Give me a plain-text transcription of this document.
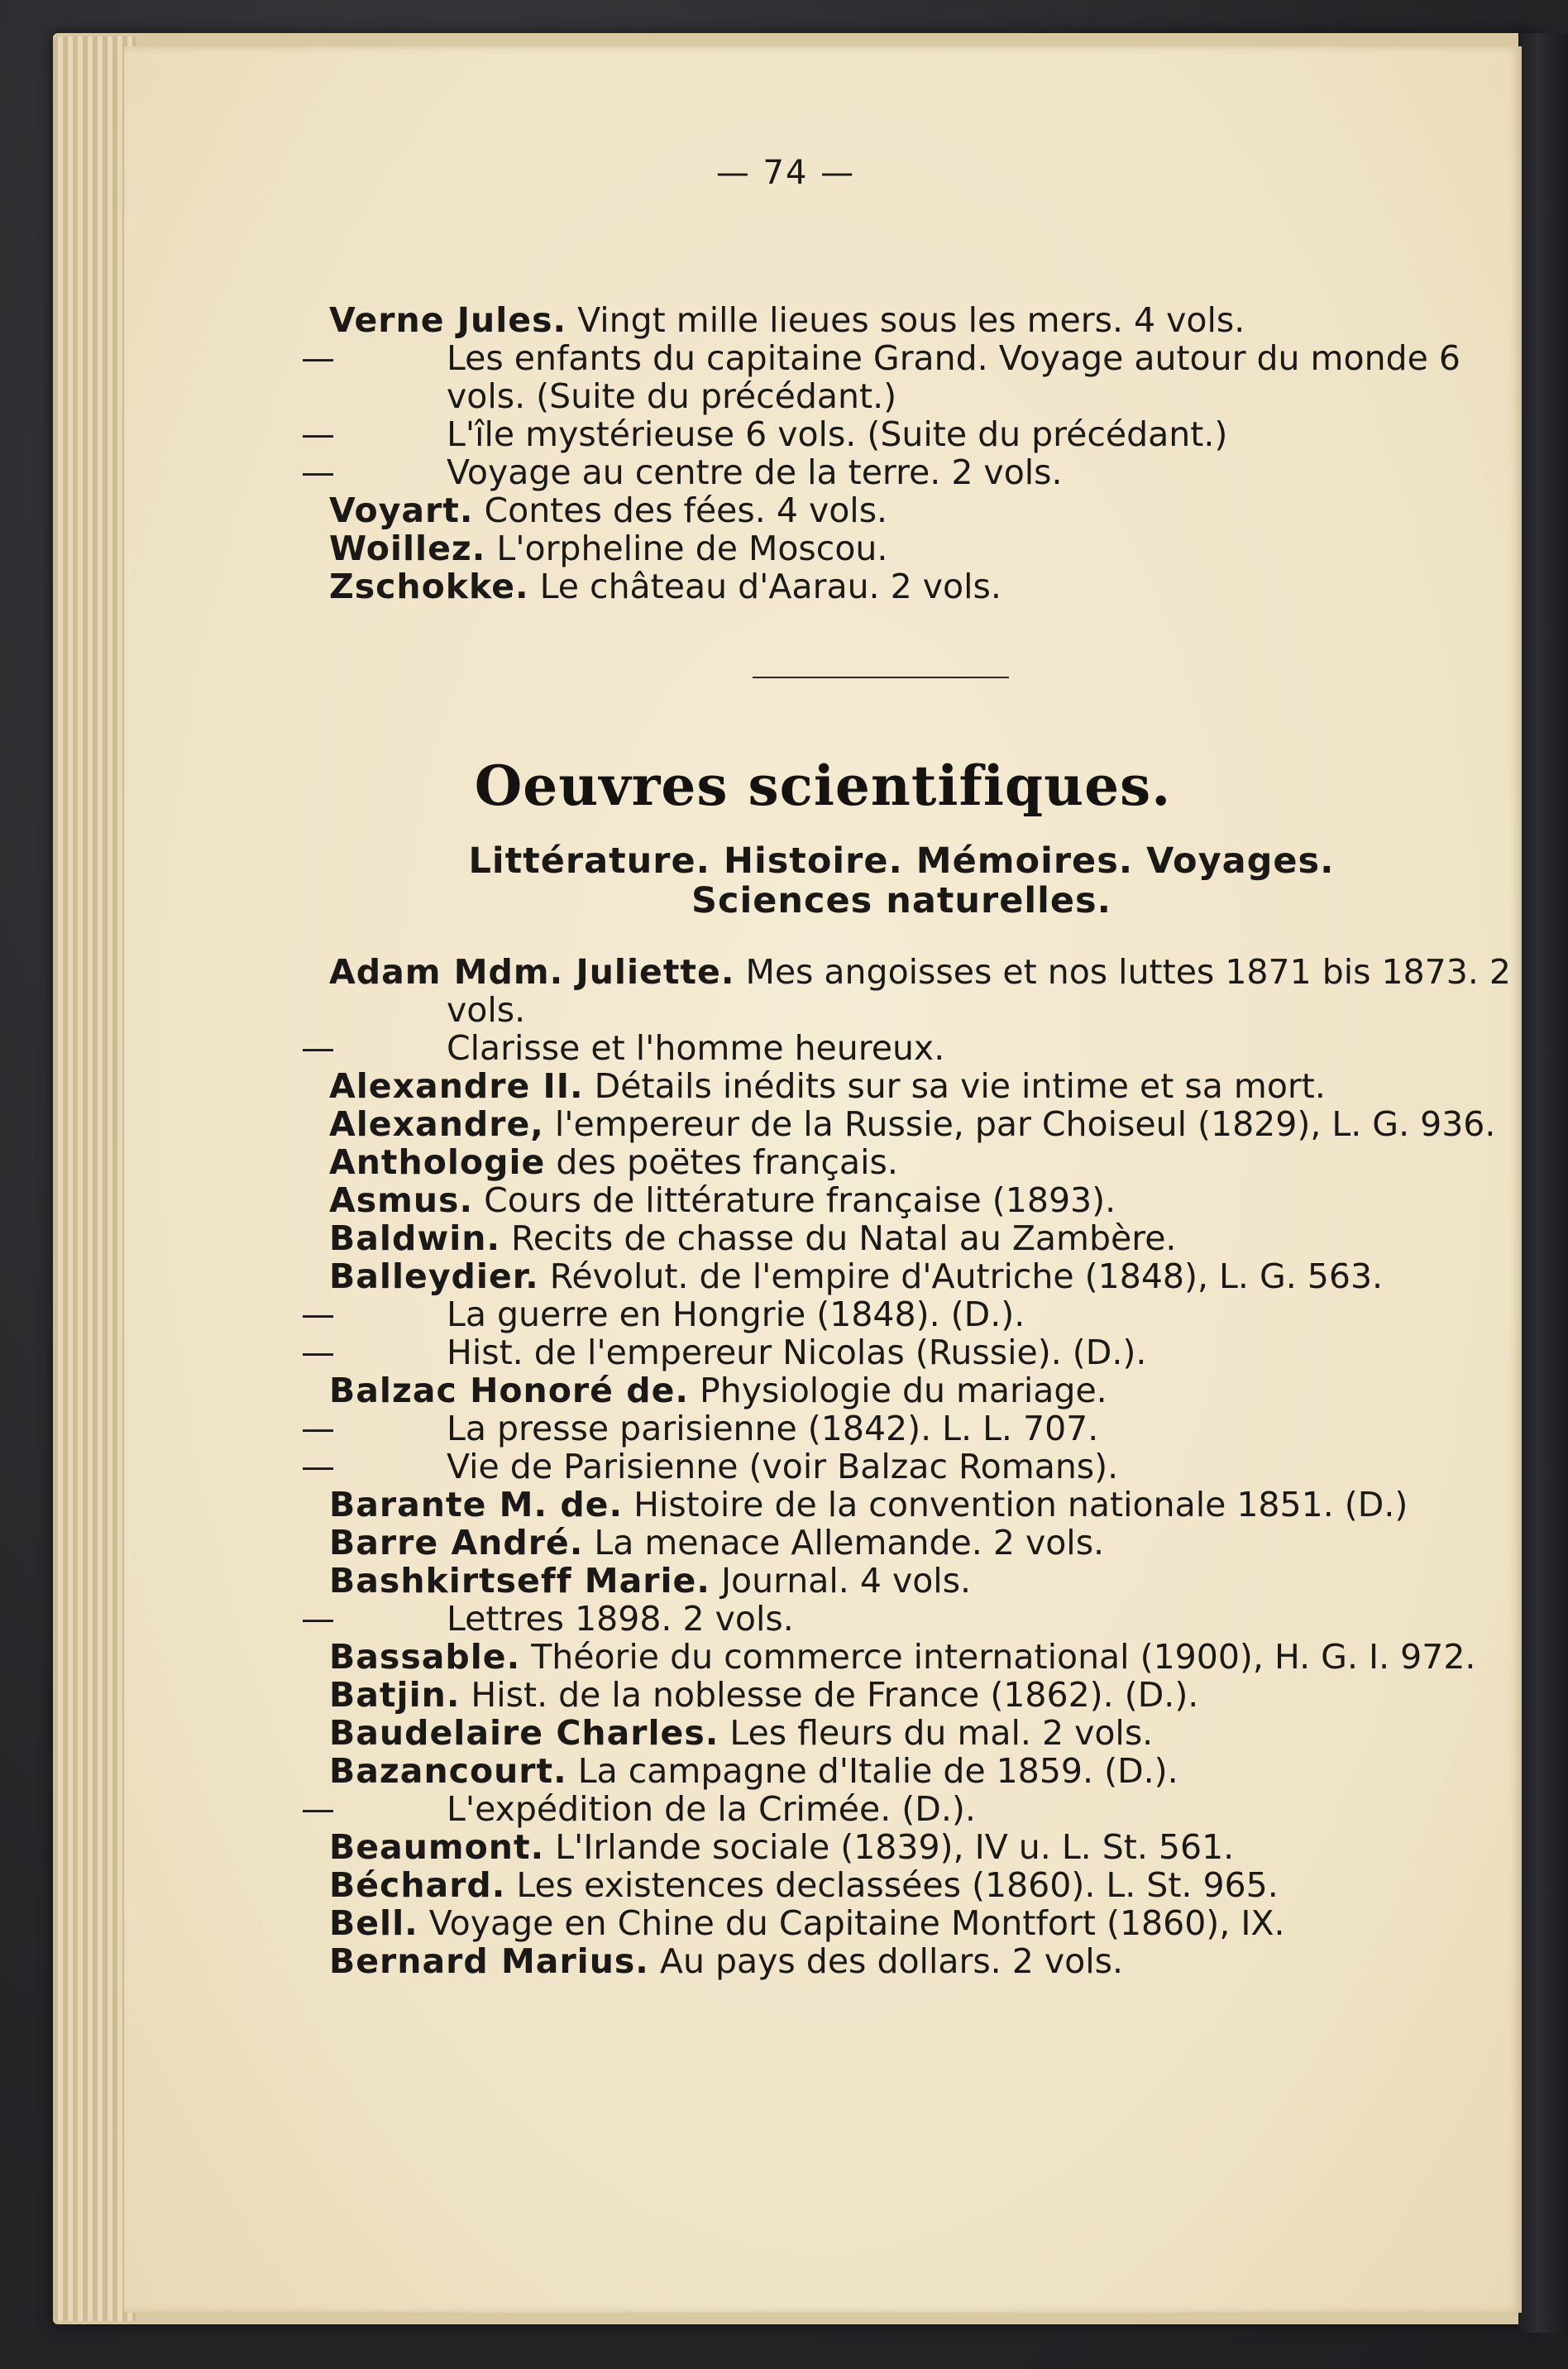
— 74 —

Verne Jules. Vingt mille lieues sous les mers. 4 vols.

—	Les enfants du capitaine Grand. Voyage autour du monde 6 vols. (Suite du précédant.)

—	L'île mystérieuse 6 vols. (Suite du précédant.)

—	Voyage au centre de la terre. 2 vols.

Voyart. Contes des fées. 4 vols.

Woillez. L'orpheline de Moscou.

Zschokke. Le château d'Aarau. 2 vols.

Oeuvres scientifiques.
Littérature. Histoire. Mémoires. Voyages.
Sciences naturelles.

Adam Mdm. Juliette. Mes angoisses et nos luttes 1871 bis 1873. 2 vols.

—	Clarisse et l'homme heureux.

Alexandre II. Détails inédits sur sa vie intime et sa mort.

Alexandre, l'empereur de la Russie, par Choiseul (1829), L. G. 936.

Anthologie des poëtes français.

Asmus. Cours de littérature française (1893).

Baldwin. Recits de chasse du Natal au Zambère.

Balleydier. Révolut. de l'empire d'Autriche (1848), L. G. 563.

—	La guerre en Hongrie (1848). (D.).

—	Hist. de l'empereur Nicolas (Russie). (D.).

Balzac Honoré de. Physiologie du mariage.

—	La presse parisienne (1842). L. L. 707.

—	Vie de Parisienne (voir Balzac Romans).

Barante M. de. Histoire de la convention nationale 1851. (D.)

Barre André. La menace Allemande. 2 vols.

Bashkirtseff Marie. Journal. 4 vols.

—	Lettres 1898. 2 vols.

Bassable. Théorie du commerce international (1900), H. G. I. 972.

Batjin. Hist. de la noblesse de France (1862). (D.).

Baudelaire Charles. Les fleurs du mal. 2 vols.

Bazancourt. La campagne d'Italie de 1859. (D.).

—	L'expédition de la Crimée. (D.).

Beaumont. L'Irlande sociale (1839), IV u. L. St. 561.

Béchard. Les existences declassées (1860). L. St. 965.

Bell. Voyage en Chine du Capitaine Montfort (1860), IX.

Bernard Marius. Au pays des dollars. 2 vols.
